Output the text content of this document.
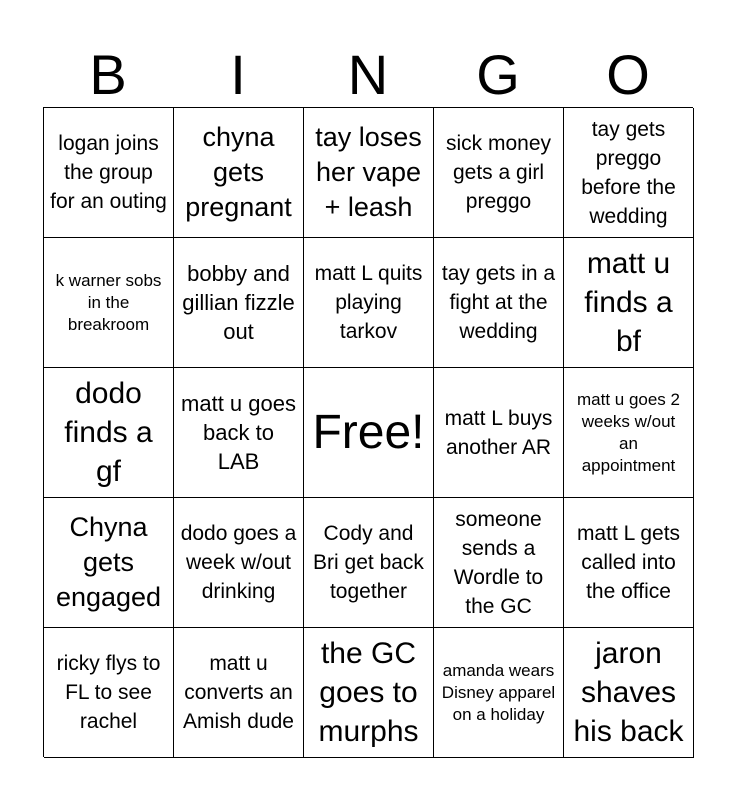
B	I	N	G	O
logan joins the group for an outing
chyna gets pregnant
tay loses her vape + leash
sick money gets a girl preggo
tay gets preggo before the wedding
k warner sobs in the breakroom
bobby and gillian fizzle out
matt L quits playing tarkov
tay gets in a fight at the wedding
matt u finds a bf
dodo finds a gf
matt u goes back to LAB
Free! matt L buys another AR
matt u goes 2 weeks w/out an appointment
Chyna gets engaged
dodo goes a week w/out drinking
Cody and Bri get back together
someone sends a Wordle to the GC
matt L gets called into the office
ricky flys to FL to see rachel
matt u converts an Amish dude
the GC goes to murphs
amanda wears Disney apparel on a holiday
jaron shaves his back
